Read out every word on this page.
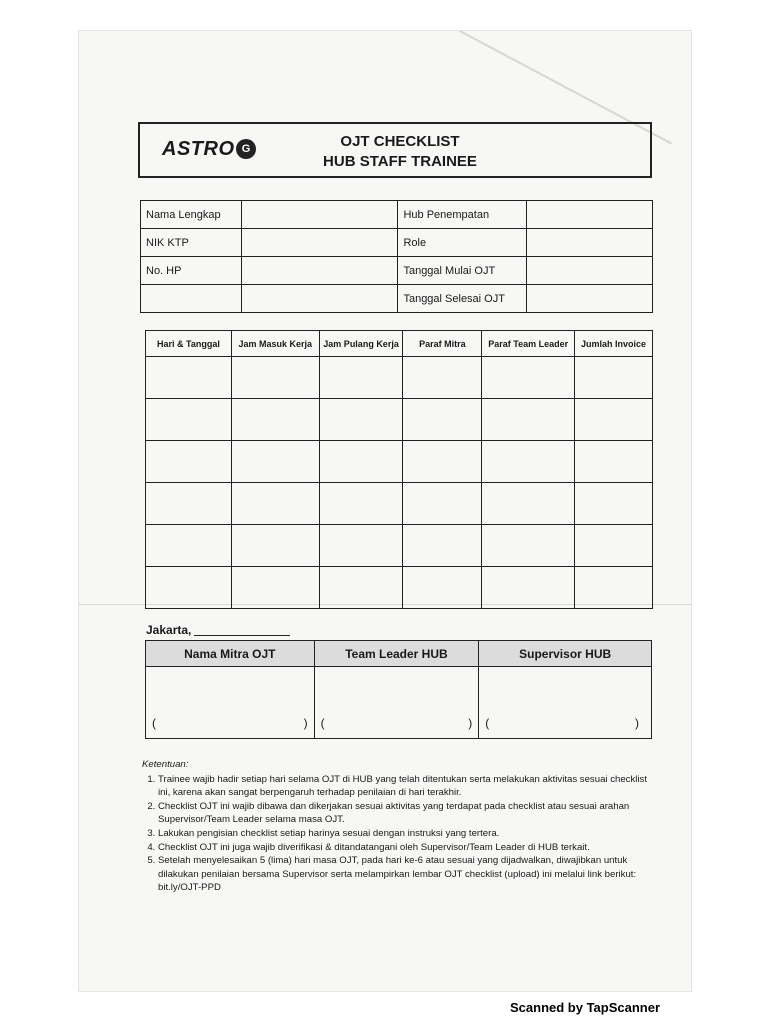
ASTRO G	OJT CHECKLIST
HUB STAFF TRAINEE
Nama Lengkap		Hub Penempatan	
NIK KTP		Role	
No. HP		Tanggal Mulai OJT	
		Tanggal Selesai OJT	
Hari & Tanggal	Jam Masuk Kerja	Jam Pulang Kerja	Paraf Mitra	Paraf Team Leader	Jumlah Invoice

Jakarta,
Nama Mitra OJT	Team Leader HUB	Supervisor HUB

( )	( )	( )
Ketentuan:
1. Trainee wajib hadir setiap hari selama OJT di HUB yang telah ditentukan serta melakukan aktivitas sesuai checklist ini, karena akan sangat berpengaruh terhadap penilaian di hari terakhir.
2. Checklist OJT ini wajib dibawa dan dikerjakan sesuai aktivitas yang terdapat pada checklist atau sesuai arahan Supervisor/Team Leader selama masa OJT.
3. Lakukan pengisian checklist setiap harinya sesuai dengan instruksi yang tertera.
4. Checklist OJT ini juga wajib diverifikasi & ditandatangani oleh Supervisor/Team Leader di HUB terkait.
5. Setelah menyelesaikan 5 (lima) hari masa OJT, pada hari ke-6 atau sesuai yang dijadwalkan, diwajibkan untuk dilakukan penilaian bersama Supervisor serta melampirkan lembar OJT checklist (upload) ini melalui link berikut: bit.ly/OJT-PPD
Scanned by TapScanner
